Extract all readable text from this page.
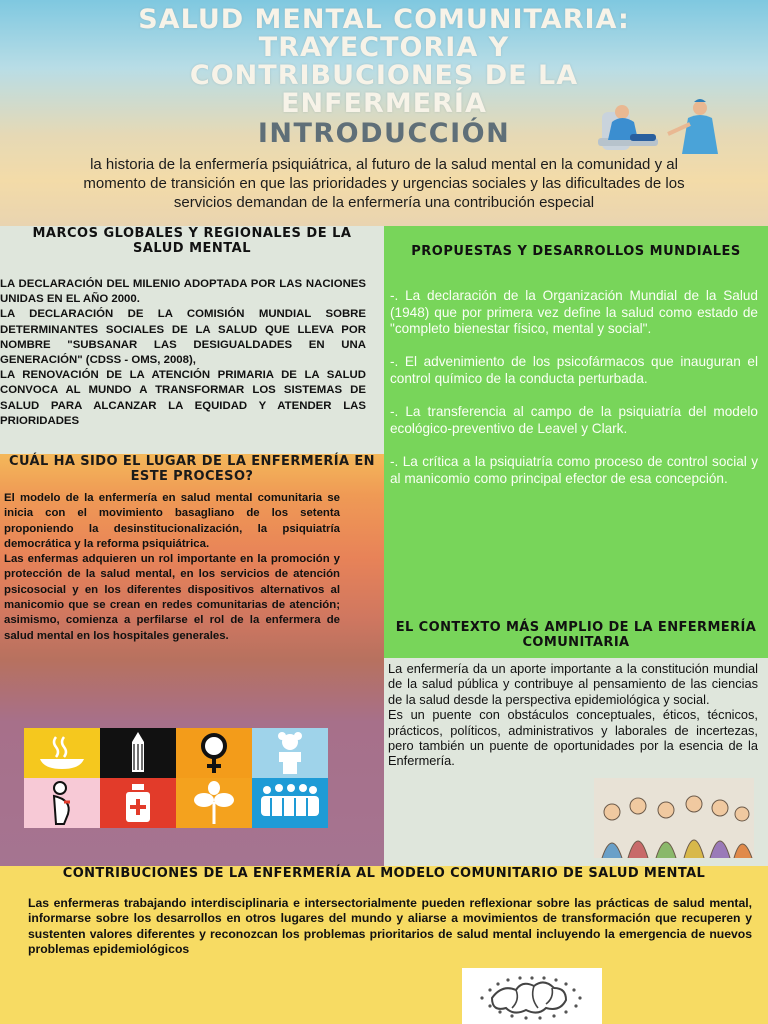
SALUD MENTAL COMUNITARIA:
TRAYECTORIA Y
CONTRIBUCIONES DE LA
ENFERMERÍA
INTRODUCCIÓN
la historia de la enfermería psiquiátrica, al futuro de la salud mental en la comunidad y al momento de transición en que las prioridades y urgencias sociales y las dificultades de los servicios demandan de la enfermería una contribución especial
MARCOS GLOBALES Y REGIONALES DE LA SALUD MENTAL

LA DECLARACIÓN DEL MILENIO ADOPTADA POR LAS NACIONES UNIDAS EN EL AÑO 2000.

LA DECLARACIÓN DE LA COMISIÓN MUNDIAL SOBRE DETERMINANTES SOCIALES DE LA SALUD QUE LLEVA POR NOMBRE "SUBSANAR LAS DESIGUALDADES EN UNA GENERACIÓN" (CDSS - OMS, 2008),

LA RENOVACIÓN DE LA ATENCIÓN PRIMARIA DE LA SALUD CONVOCA AL MUNDO A TRANSFORMAR LOS SISTEMAS DE SALUD PARA ALCANZAR LA EQUIDAD Y ATENDER LAS PRIORIDADES

CUÁL HA SIDO EL LUGAR DE LA ENFERMERÍA EN ESTE PROCESO?

El modelo de la enfermería en salud mental comunitaria se inicia con el movimiento basagliano de los setenta proponiendo la desinstitucionalización, la psiquiatría democrática y la reforma psiquiátrica.

Las enfermas adquieren un rol importante en la promoción y protección de la salud mental, en los servicios de atención psicosocial y en los diferentes dispositivos alternativos al manicomio que se crean en redes comunitarias de atención; asimismo, comienza a perfilarse el rol de la enfermera de salud mental en los hospitales generales.

PROPUESTAS Y DESARROLLOS MUNDIALES

-. La declaración de la Organización Mundial de la Salud (1948) que por primera vez define la salud como estado de "completo bienestar físico, mental y social".

-. El advenimiento de los psicofármacos que inauguran el control químico de la conducta perturbada.

-. La transferencia al campo de la psiquiatría del modelo ecológico-preventivo de Leavel y Clark.

-. La crítica a la psiquiatría como proceso de control social y al manicomio como principal efector de esa concepción.

EL CONTEXTO MÁS AMPLIO DE LA ENFERMERÍA COMUNITARIA

La enfermería da un aporte importante a la constitución mundial de la salud pública y contribuye al pensamiento de las ciencias de la salud desde la perspectiva epidemiológica y social.

Es un puente con obstáculos conceptuales, éticos, técnicos, prácticos, políticos, administrativos y laborales de incertezas, pero también un puente de oportunidades por la esencia de la Enfermería.

CONTRIBUCIONES DE LA ENFERMERÍA AL MODELO COMUNITARIO DE SALUD MENTAL

Las enfermeras trabajando interdisciplinaria e intersectorialmente pueden reflexionar sobre las prácticas de salud mental, informarse sobre los desarrollos en otros lugares del mundo y aliarse a movimientos de transformación que recuperen y sustenten valores diferentes y reconozcan los problemas prioritarios de salud mental incluyendo la emergencia de nuevos problemas epidemiológicos
